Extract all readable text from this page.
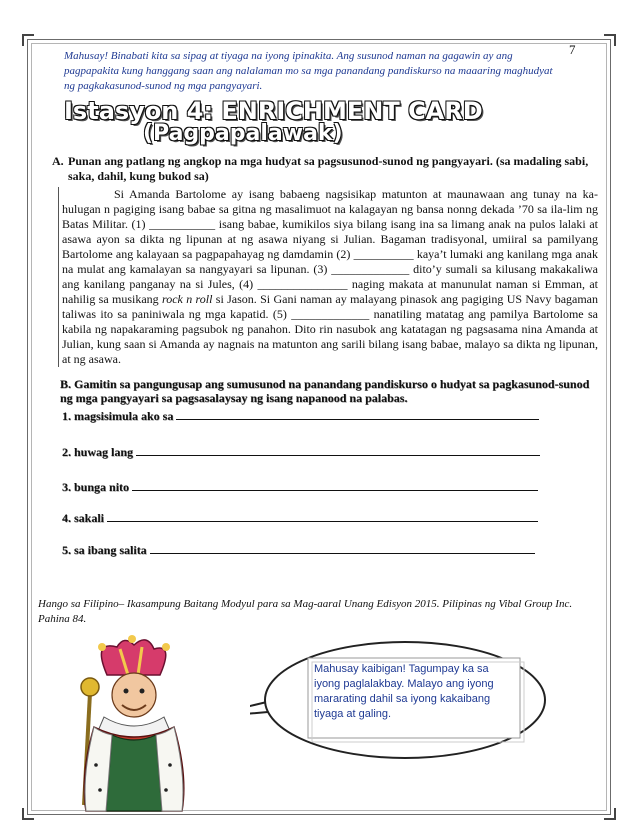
7
Mahusay! Binabati kita sa sipag at tiyaga na iyong ipinakita. Ang susunod naman na gagawin ay ang pagpapakita kung hanggang saan ang nalalaman mo sa mga panandang pandiskurso na maaaring maghudyat ng pagkakasunod-sunod ng mga pangyayari.
Istasyon 4: ENRICHMENT CARD
(Pagpapalawak)
A. Punan ang patlang ng angkop na mga hudyat sa pagsusunod-sunod ng pangyayari. (sa madaling sabi, saka, dahil, kung bukod sa)
Si Amanda Bartolome ay isang babaeng nagsisikap matunton at maunawaan ang tunay na ka-hulugan n pagiging isang babae sa gitna ng masalimuot na kalagayan ng bansa nonng dekada ’70 sa ila-lim ng Batas Militar. (1) ___________ isang babae, kumikilos siya bilang isang ina sa limang anak na pulos lalaki at asawa ayon sa dikta ng lipunan at ng asawa niyang si Julian. Bagaman tradisyonal, umiiral sa pamilyang Bartolome ang kalayaan sa pagpapahayag ng damdamin (2) __________ kaya’t lumaki ang kanilang mga anak na mulat ang kamalayan sa nangyayari sa lipunan. (3) _____________ dito’y sumali sa kilusang makakaliwa ang kanilang panganay na si Jules, (4) _______________ naging makata at manunulat naman si Emman, at nahilig sa musikang rock n roll si Jason. Si Gani naman ay malayang pinasok ang pagiging US Navy bagaman taliwas ito sa paniniwala ng mga kapatid. (5) _____________ nanatiling matatag ang pamilya Bartolome sa kabila ng napakaraming pagsubok ng panahon. Dito rin nasubok ang katatagan ng pagsasama nina Amanda at Julian, kung saan si Amanda ay nagnais na matunton ang sarili bilang isang babae, malayo sa dikta ng lipunan, at ng asawa.
B. Gamitin sa pangungusap ang sumusunod na panandang pandiskurso o hudyat sa pagkasunod-sunod ng mga pangyayari sa pagsasalaysay ng isang napanood na palabas.
1. magsisimula ako sa
2. huwag lang
3. bunga nito
4. sakali
5. sa ibang salita
Hango sa Filipino– Ikasampung Baitang Modyul para sa Mag-aaral Unang Edisyon 2015. Pilipinas ng Vibal Group Inc. Pahina 84.
Mahusay kaibigan! Tagumpay ka sa iyong paglalakbay. Malayo ang iyong mararating dahil sa iyong kakaibang tiyaga at galing.
